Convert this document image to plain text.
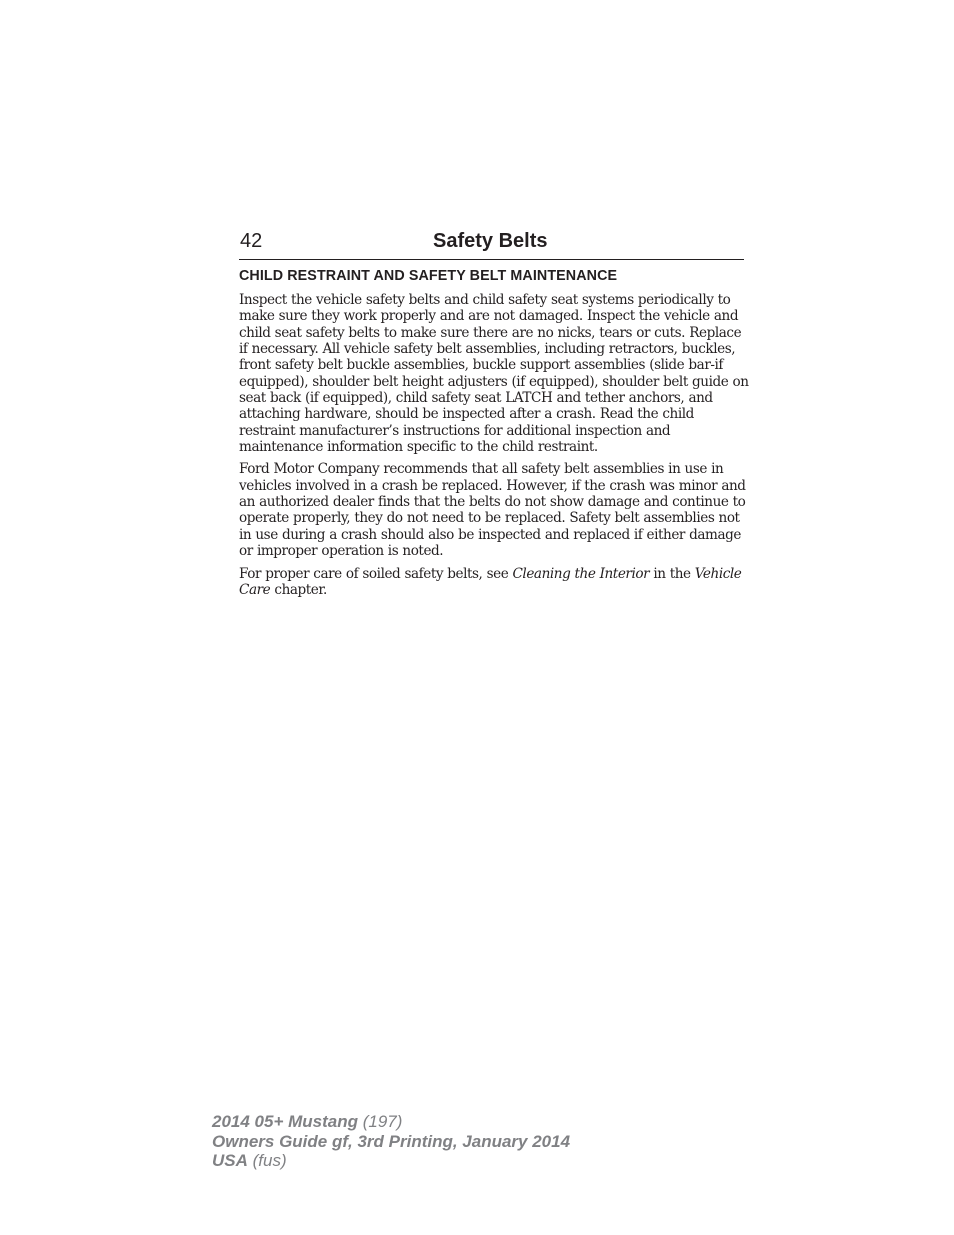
42	Safety Belts
CHILD RESTRAINT AND SAFETY BELT MAINTENANCE

Inspect the vehicle safety belts and child safety seat systems periodically to make sure they work properly and are not damaged. Inspect the vehicle and child seat safety belts to make sure there are no nicks, tears or cuts. Replace if necessary. All vehicle safety belt assemblies, including retractors, buckles, front safety belt buckle assemblies, buckle support assemblies (slide bar-if equipped), shoulder belt height adjusters (if equipped), shoulder belt guide on seat back (if equipped), child safety seat LATCH and tether anchors, and attaching hardware, should be inspected after a crash. Read the child restraint manufacturer’s instructions for additional inspection and maintenance information specific to the child restraint.

Ford Motor Company recommends that all safety belt assemblies in use in vehicles involved in a crash be replaced. However, if the crash was minor and an authorized dealer finds that the belts do not show damage and continue to operate properly, they do not need to be replaced. Safety belt assemblies not in use during a crash should also be inspected and replaced if either damage or improper operation is noted.

For proper care of soiled safety belts, see Cleaning the Interior in the Vehicle Care chapter.

2014 05+ Mustang (197)
Owners Guide gf, 3rd Printing, January 2014
USA (fus)
